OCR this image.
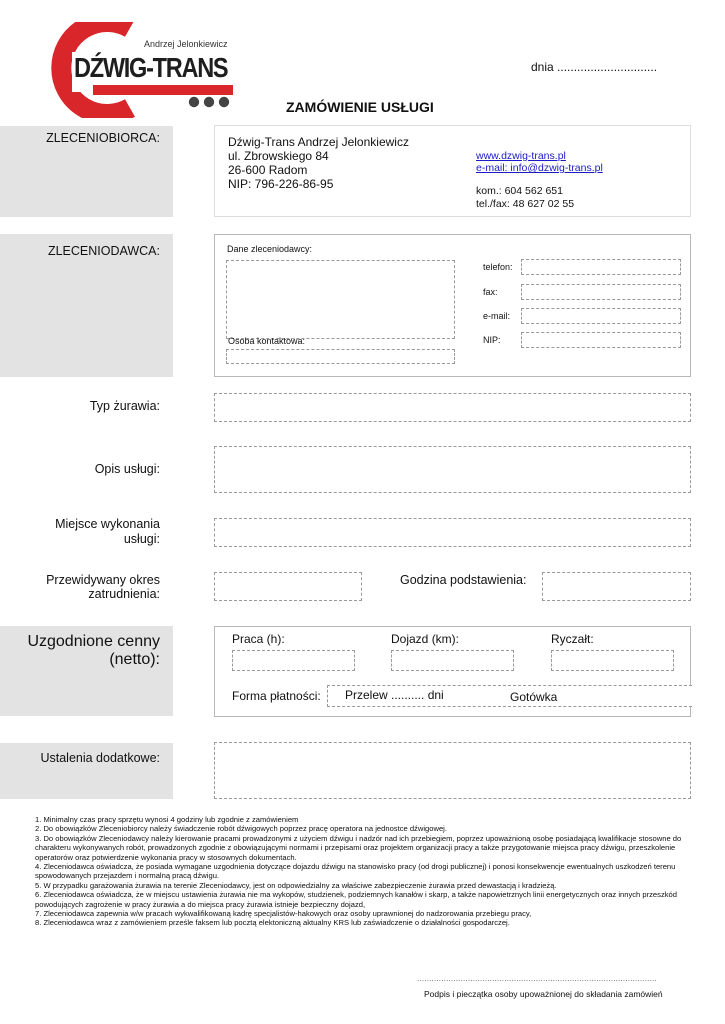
Andrzej Jelonkiewicz
DŹWIG-TRANS	dnia ..............................
ZAMÓWIENIE USŁUGI
ZLECENIOBIORCA:	Dźwig-Trans Andrzej Jelonkiewicz
ul. Zbrowskiego 84
26-600 Radom
NIP: 796-226-86-95
www.dzwig-trans.pl
e-mail: info@dzwig-trans.pl
kom.: 604 562 651
tel./fax: 48 627 02 55
ZLECENIODAWCA:	Dane zleceniodawcy:
Osoba kontaktowa:
telefon:
fax:
e-mail:
NIP:
Typ żurawia:
Opis usługi:
Miejsce wykonania
usługi:
Przewidywany okres
zatrudnienia:
Godzina podstawienia:
Uzgodnione cenny
(netto):
Praca (h):	Dojazd (km):	Ryczałt:
Forma płatności: Przelew .......... dni	Gotówka
Ustalenia dodatkowe:
1. Minimalny czas pracy sprzętu wynosi 4 godziny lub zgodnie z zamówieniem
2. Do obowiązków Zleceniobiorcy należy świadczenie robót dźwigowych poprzez pracę operatora na jednostce dźwigowej.
3. Do obowiązków Zleceniodawcy należy kierowanie pracami prowadzonymi z użyciem dźwigu i nadzór nad ich przebiegiem, poprzez upoważnioną osobę posiadającą kwalifikacje stosowne do charakteru wykonywanych robót, prowadzonych zgodnie z obowiązującymi normami i przepisami oraz projektem organizacji pracy a także przygotowanie miejsca pracy dźwigu, przeszkolenie operatorów oraz potwierdzenie wykonania pracy w stosownych dokumentach.
4. Zleceniodawca oświadcza, że posiada wymagane uzgodnienia dotyczące dojazdu dźwigu na stanowisko pracy (od drogi publicznej) i ponosi konsekwencje ewentualnych uszkodzeń terenu spowodowanych przejazdem i normalną pracą dźwigu.
5. W przypadku garażowania żurawia na terenie Zleceniodawcy, jest on odpowiedzialny za właściwe zabezpieczenie żurawia przed dewastacją i kradzieżą.
6. Zleceniodawca oświadcza, że w miejscu ustawienia żurawia nie ma wykopów, studzienek, podziemnych kanałów i skarp, a także napowietrznych linii energetycznych oraz innych przeszkód powodujących zagrożenie w pracy żurawia a do miejsca pracy żurawia istnieje bezpieczny dojazd,
7. Zleceniodawca zapewnia w/w pracach wykwalifikowaną kadrę specjalistów-hakowych oraz osoby uprawnionej do nadzorowania przebiegu pracy,
8. Zleceniodawca wraz z zamówieniem prześle faksem lub pocztą elektoniczną aktualny KRS lub zaświadczenie o działalności gospodarczej.
...................................................................................................
Podpis i pieczątka osoby upoważnionej do składania zamówień
